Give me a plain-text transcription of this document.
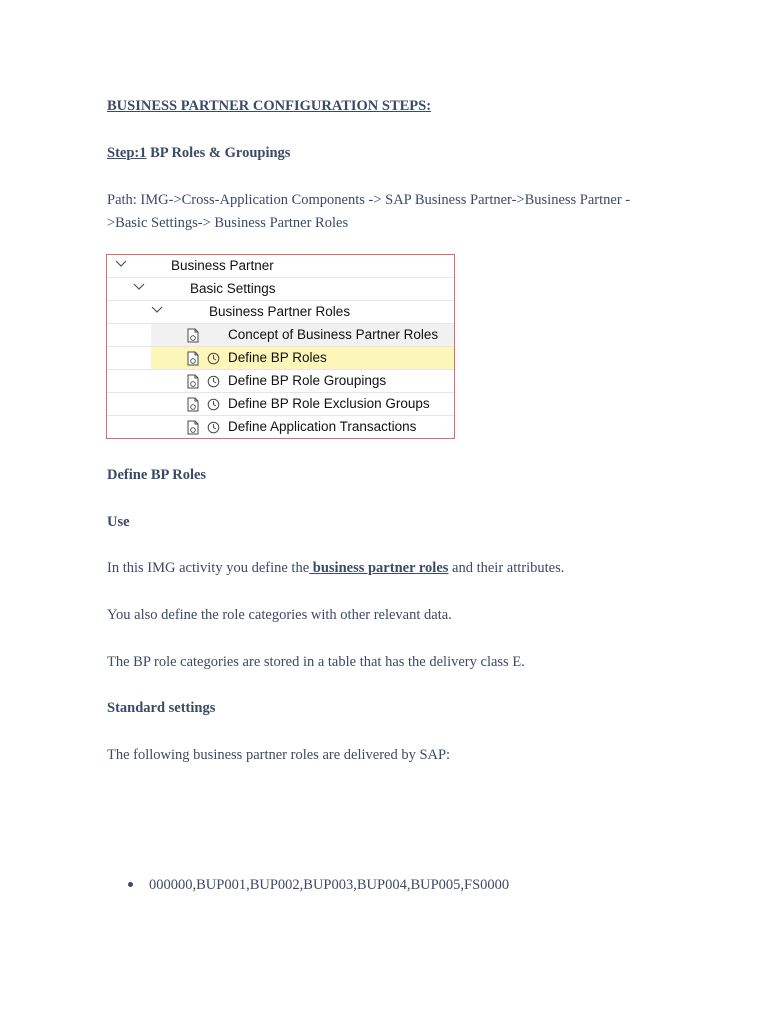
BUSINESS PARTNER CONFIGURATION STEPS:
Step:1 BP Roles & Groupings
Path: IMG->Cross-Application Components -> SAP Business Partner->Business Partner ->Basic Settings-> Business Partner Roles
Business Partner
Basic Settings
Business Partner Roles
Concept of Business Partner Roles
Define BP Roles
Define BP Role Groupings
Define BP Role Exclusion Groups
Define Application Transactions
Define BP Roles
Use
In this IMG activity you define the business partner roles and their attributes.
You also define the role categories with other relevant data.
The BP role categories are stored in a table that has the delivery class E.
Standard settings
The following business partner roles are delivered by SAP:
000000,BUP001,BUP002,BUP003,BUP004,BUP005,FS0000
